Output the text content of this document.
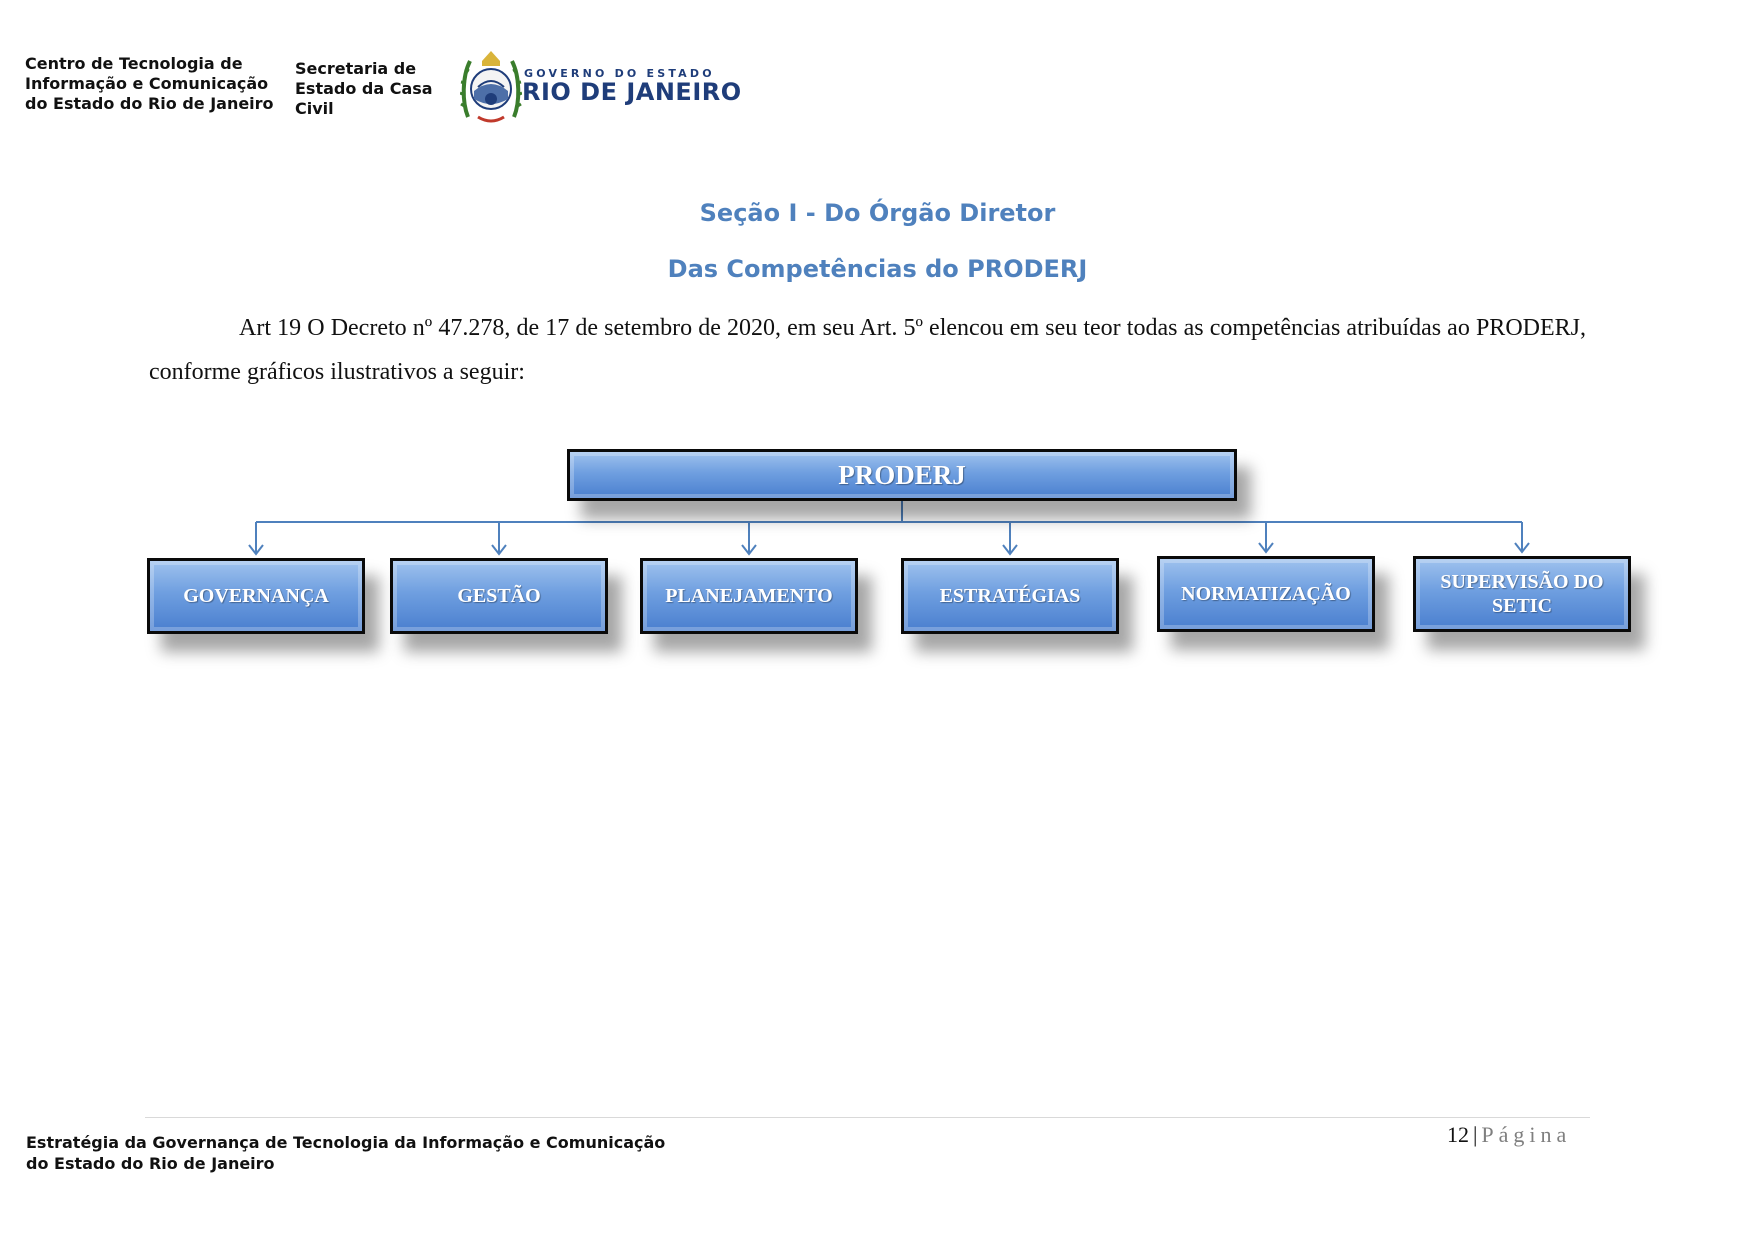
Centro de Tecnologia de
Informação e Comunicação
do Estado do Rio de Janeiro
Secretaria de
Estado da Casa
Civil
GOVERNO DO ESTADO
RIO DE JANEIRO
Seção I - Do Órgão Diretor
Das Competências do PRODERJ

Art 19 O Decreto nº 47.278, de 17 de setembro de 2020, em seu Art. 5º elencou em seu teor todas as competências atribuídas ao PRODERJ, conforme gráficos ilustrativos a seguir:

PRODERJ
GOVERNANÇA	GESTÃO	PLANEJAMENTO	ESTRATÉGIAS	NORMATIZAÇÃO
SUPERVISÃO DO SETIC
Estratégia da Governança de Tecnologia da Informação e Comunicação
do Estado do Rio de Janeiro
12 | Página
